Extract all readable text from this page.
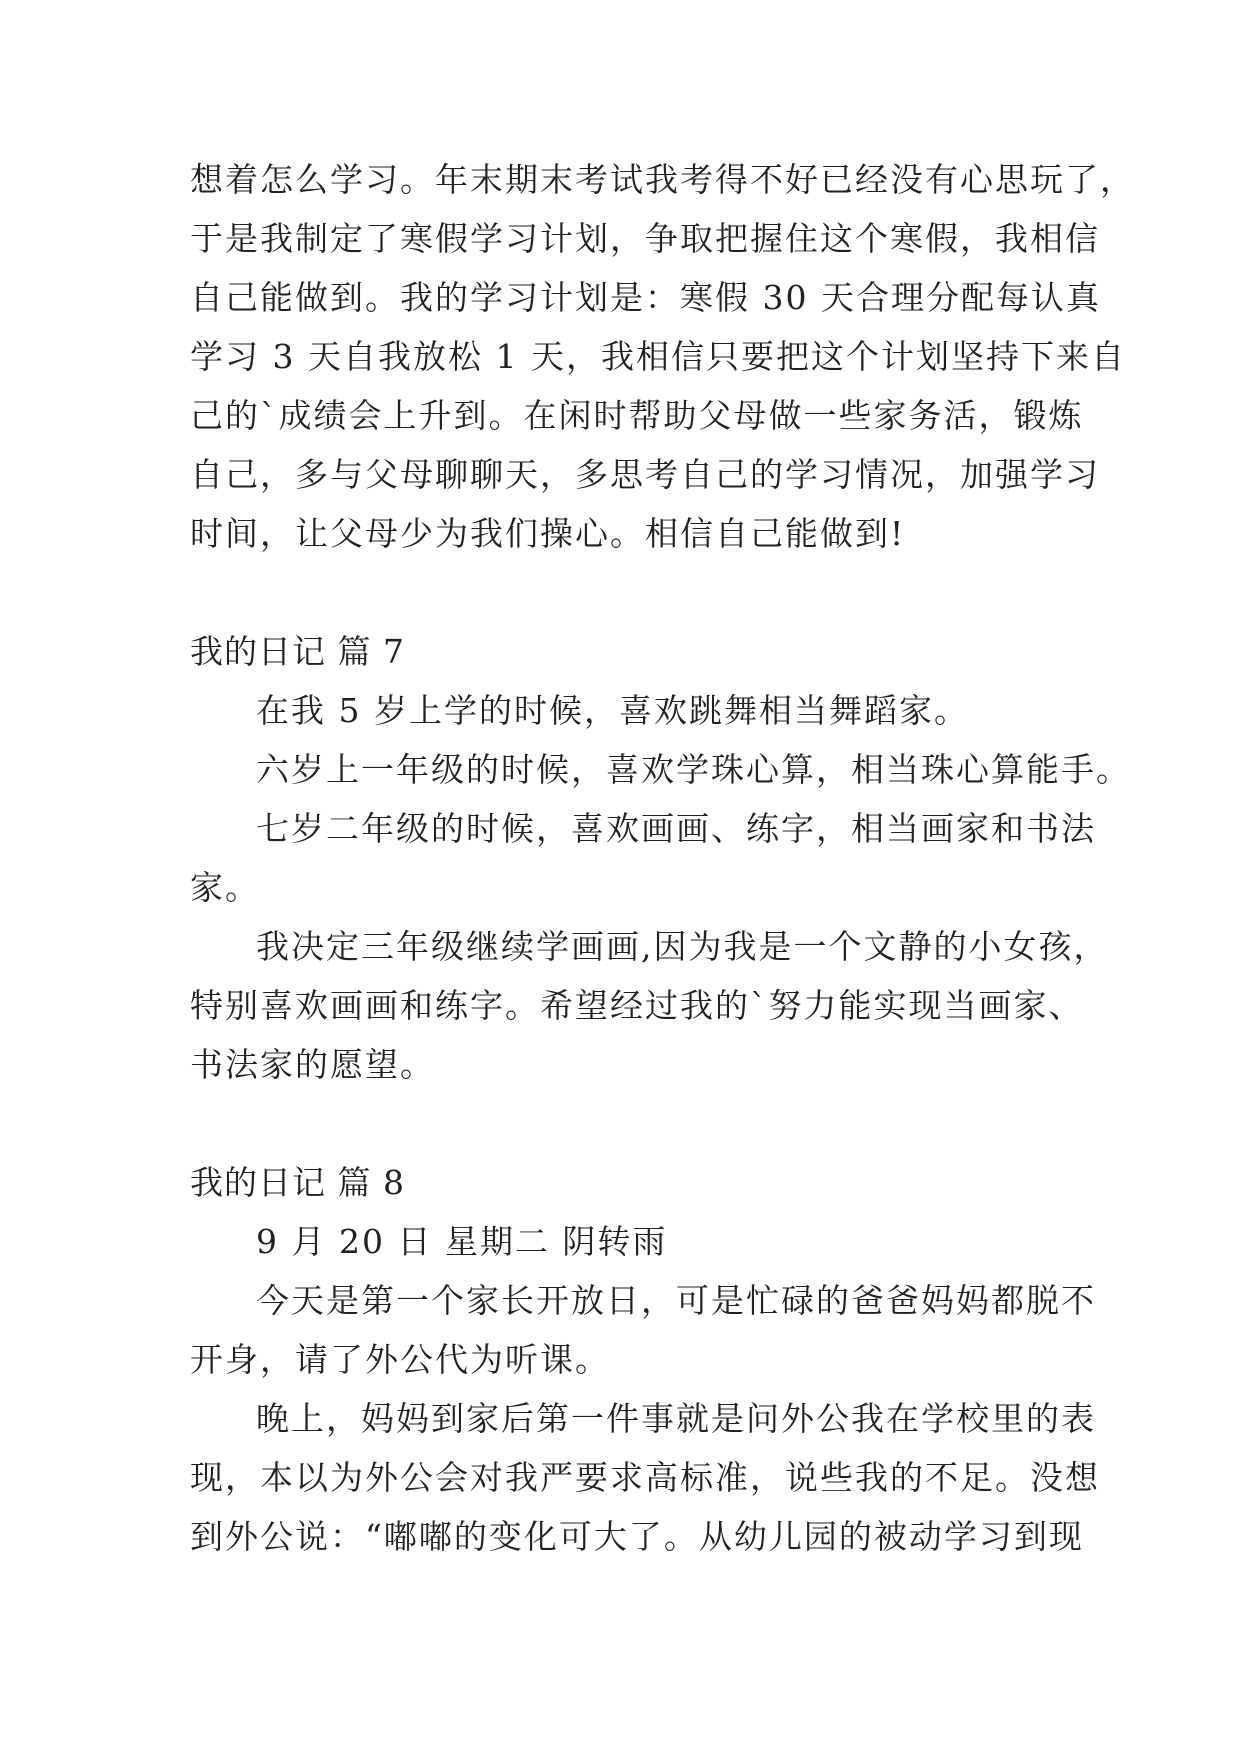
想着怎么学习。年末期末考试我考得不好已经没有心思玩了，
于是我制定了寒假学习计划，争取把握住这个寒假，我相信
自己能做到。我的学习计划是：寒假 30 天合理分配每认真
学习 3 天自我放松 1 天，我相信只要把这个计划坚持下来自
己的`成绩会上升到。在闲时帮助父母做一些家务活，锻炼
自己，多与父母聊聊天，多思考自己的学习情况，加强学习
时间，让父母少为我们操心。相信自己能做到!
我的日记 篇 7
在我 5 岁上学的时候，喜欢跳舞相当舞蹈家。
六岁上一年级的时候，喜欢学珠心算，相当珠心算能手。
七岁二年级的时候，喜欢画画、练字，相当画家和书法
家。
我决定三年级继续学画画,因为我是一个文静的小女孩，
特别喜欢画画和练字。希望经过我的`努力能实现当画家、
书法家的愿望。
我的日记 篇 8
9 月 20 日 星期二 阴转雨
今天是第一个家长开放日，可是忙碌的爸爸妈妈都脱不
开身，请了外公代为听课。
晚上，妈妈到家后第一件事就是问外公我在学校里的表
现，本以为外公会对我严要求高标准，说些我的不足。没想
到外公说：“嘟嘟的变化可大了。从幼儿园的被动学习到现
